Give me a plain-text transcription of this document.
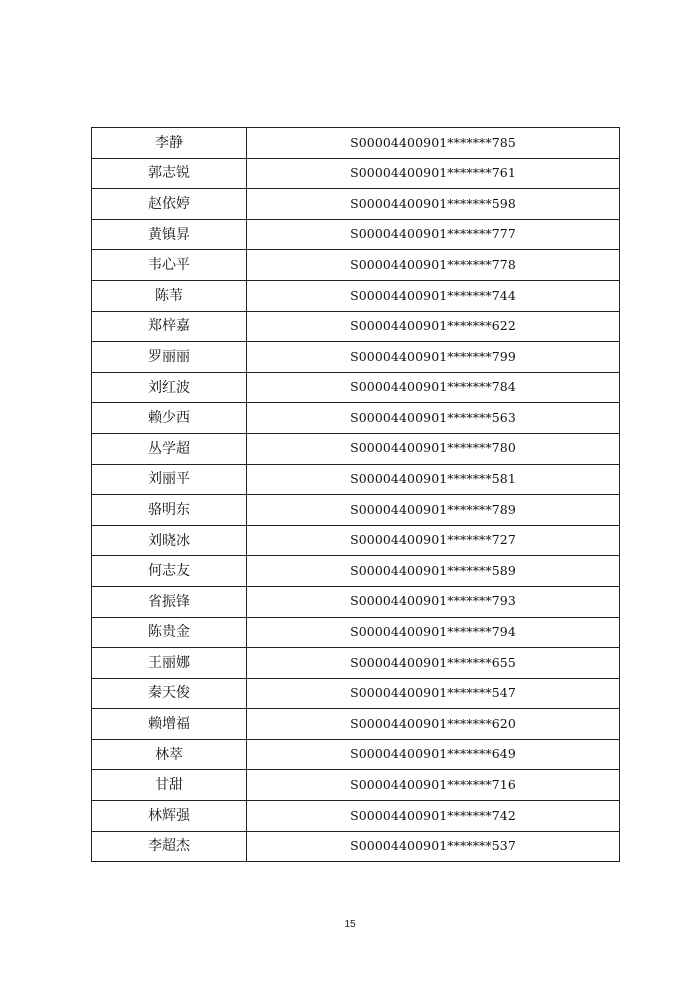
李静	S00004400901*******785
郭志锐	S00004400901*******761
赵依婷	S00004400901*******598
黄镇昇	S00004400901*******777
韦心平	S00004400901*******778
陈苇	S00004400901*******744
郑梓嘉	S00004400901*******622
罗丽丽	S00004400901*******799
刘红波	S00004400901*******784
赖少西	S00004400901*******563
丛学超	S00004400901*******780
刘丽平	S00004400901*******581
骆明东	S00004400901*******789
刘晓冰	S00004400901*******727
何志友	S00004400901*******589
省振锋	S00004400901*******793
陈贵金	S00004400901*******794
王丽娜	S00004400901*******655
秦天俊	S00004400901*******547
赖增福	S00004400901*******620
林萃	S00004400901*******649
甘甜	S00004400901*******716
林辉强	S00004400901*******742
李超杰	S00004400901*******537
15
